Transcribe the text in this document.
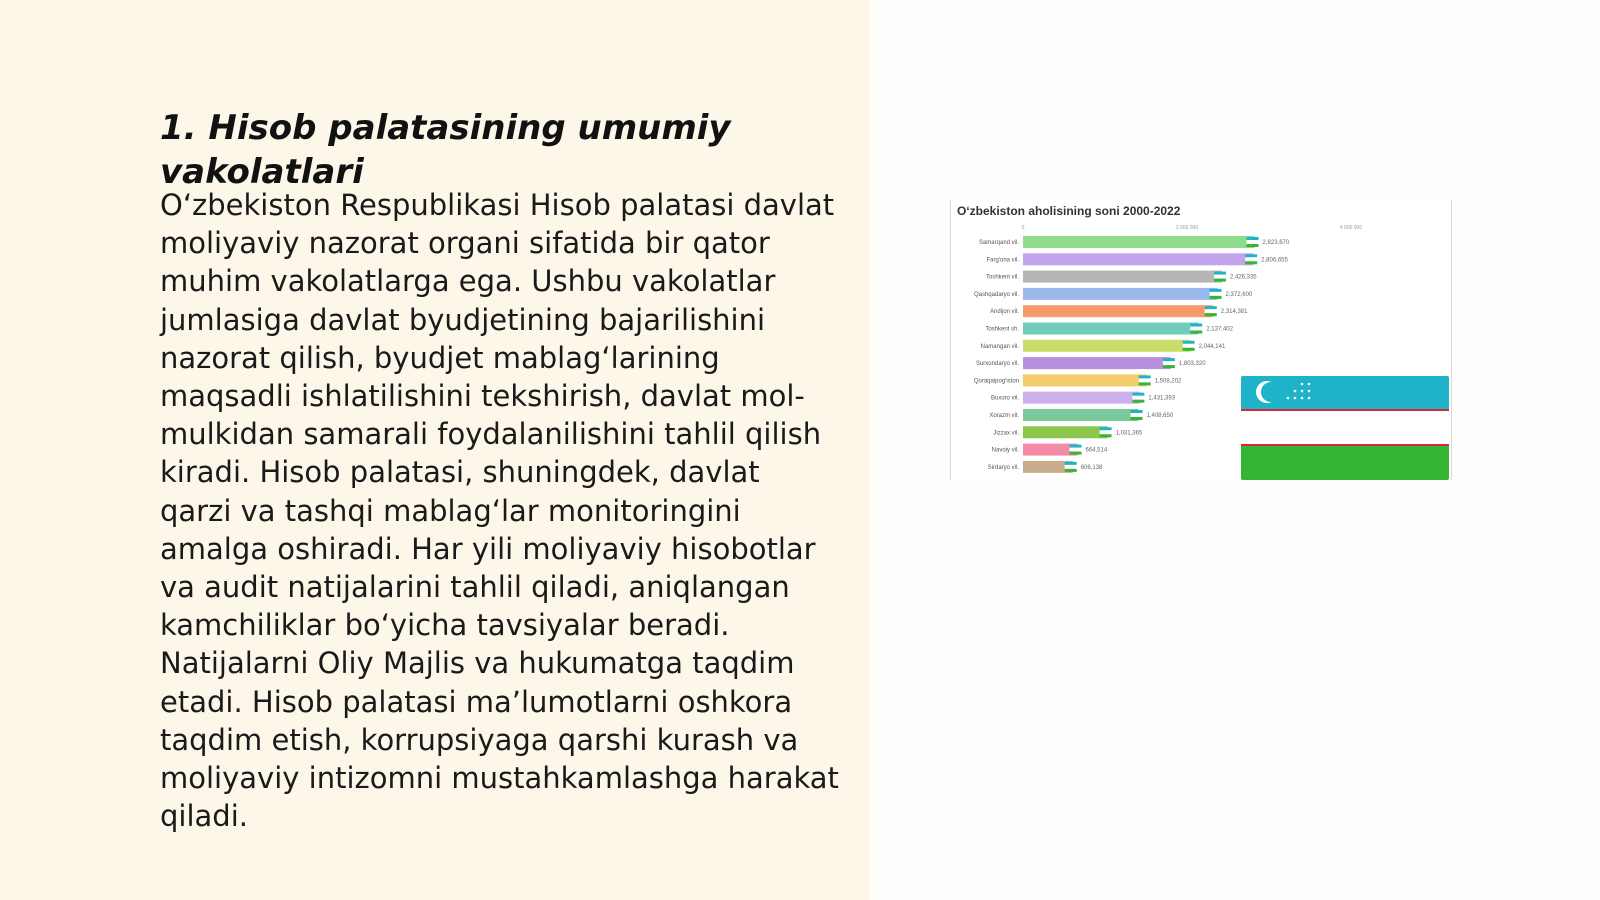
1. Hisob palatasining umumiy vakolatlari

O‘zbekiston Respublikasi Hisob palatasi davlat moliyaviy nazorat organi sifatida bir qator muhim vakolatlarga ega. Ushbu vakolatlar jumlasiga davlat byudjetining bajarilishini nazorat qilish, byudjet mablag‘larining maqsadli ishlatilishini tekshirish, davlat mol-mulkidan samarali foydalanilishini tahlil qilish kiradi. Hisob palatasi, shuningdek, davlat qarzi va tashqi mablag‘lar monitoringini amalga oshiradi. Har yili moliyaviy hisobotlar va audit natijalarini tahlil qiladi, aniqlangan kamchiliklar bo‘yicha tavsiyalar beradi. Natijalarni Oliy Majlis va hukumatga taqdim etadi. Hisob palatasi ma’lumotlarni oshkora taqdim etish, korrupsiyaga qarshi kurash va moliyaviy intizomni mustahkamlashga harakat qiladi.

O‘zbekiston aholisining soni 2000-2022
0	2 000 000	4 000 000
Samarqand vil.	2,823,670
Farg'ona vil.	2,806,655
Toshkent vil.	2,426,335
Qashqadaryo vil.	2,372,600
Andijon vil.	2,314,381
Toshkent sh.	2,137,402
Namangan vil.	2,044,141
Surxondaryo vil.	1,803,320
Qoraqalpog'iston	1,508,202
Buxoro vil.	1,431,393
Xorazm vil.	1,408,650
Jizzax vil.	1,031,365
Navoiy vil.	664,514
Sirdaryo vil.	606,138
